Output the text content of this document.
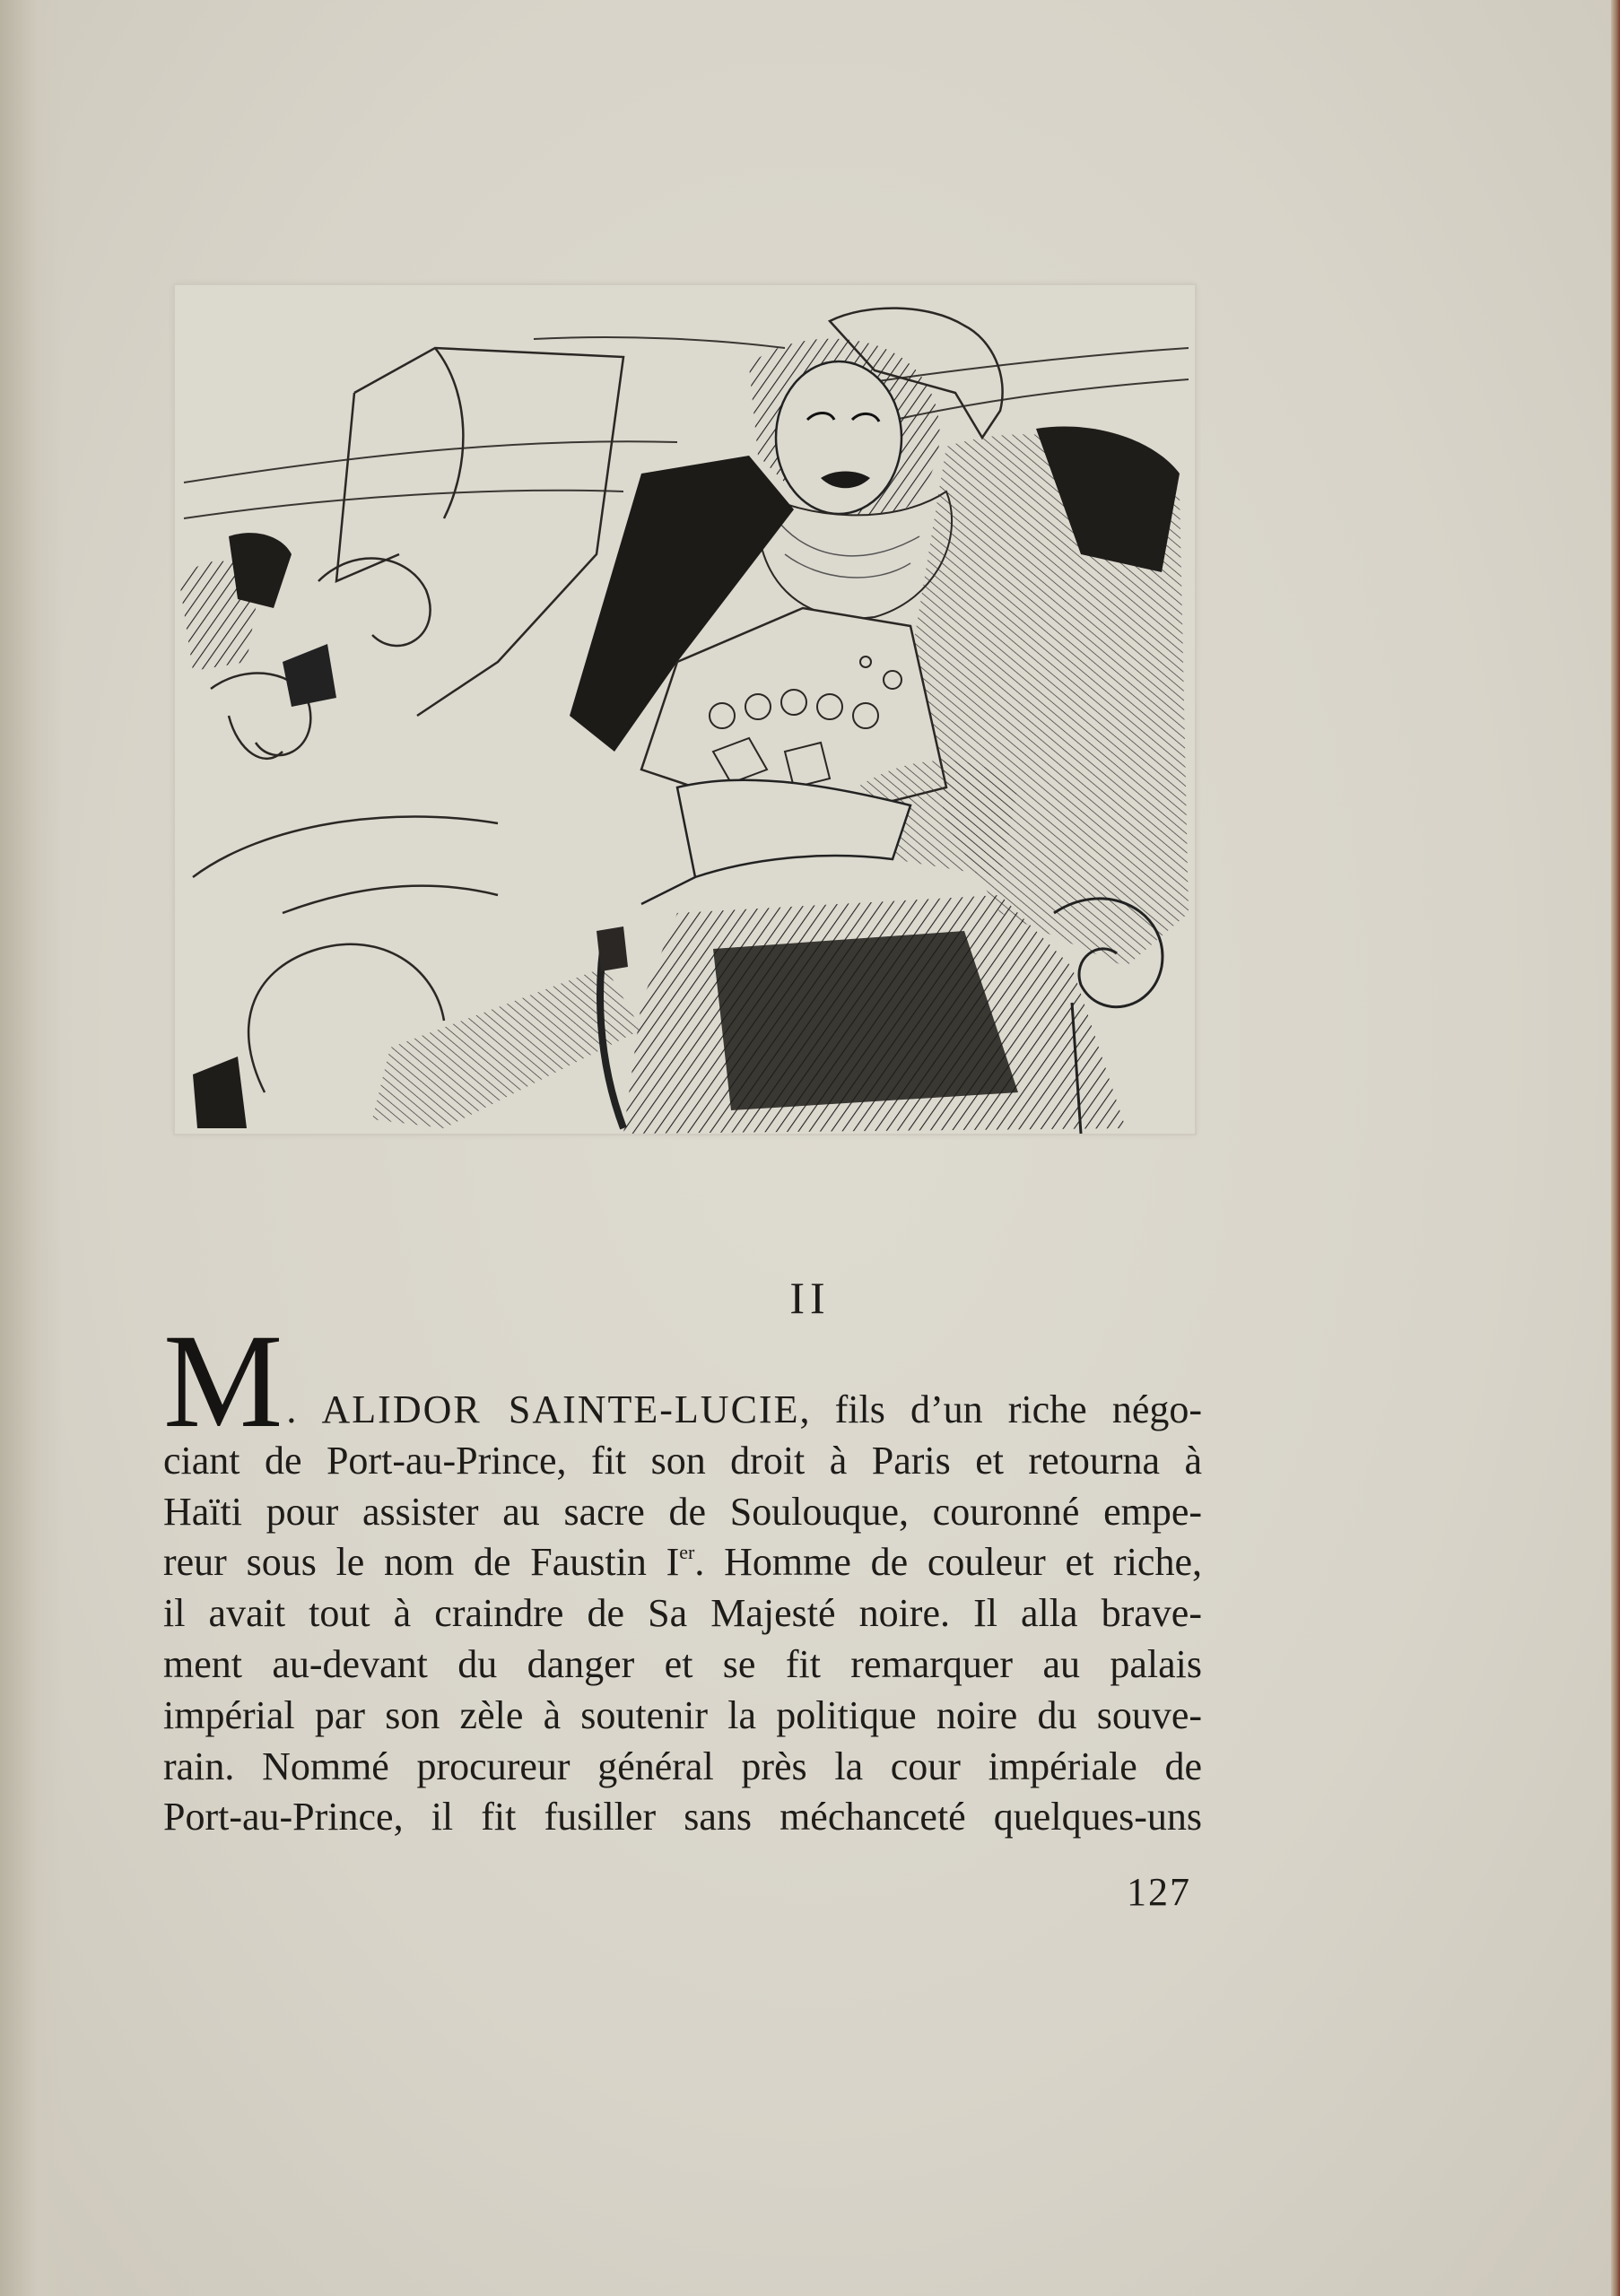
II
M . ALIDOR SAINTE-LUCIE, fils d’un riche négo-
ciant de Port-au-Prince, fit son droit à Paris et retourna à
Haïti pour assister au sacre de Soulouque, couronné empe-
reur sous le nom de Faustin Ier. Homme de couleur et riche,
il avait tout à craindre de Sa Majesté noire. Il alla brave-
ment au-devant du danger et se fit remarquer au palais
impérial par son zèle à soutenir la politique noire du souve-
rain. Nommé procureur général près la cour impériale de
Port-au-Prince, il fit fusiller sans méchanceté quelques-uns
127
